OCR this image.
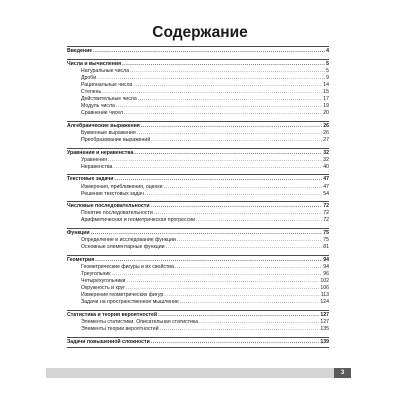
Содержание
Введение .....	4
Числа и вычисления .....	5
Натуральные числа .....	5
Дроби .....	9
Рациональные числа .....	14
Степень .....	15
Действительные числа .....	17
Модуль числа .....	19
Сравнение чисел .....	20
Алгебраические выражения .....	26
Буквенные выражения .....	26
Преобразование выражений .....	27
Уравнения и неравенства .....	32
Уравнения .....	32
Неравенства .....	40
Текстовые задачи .....	47
Измерения, приближения, оценки .....	47
Решение текстовых задач .....	54
Числовые последовательности .....	72
Понятие последовательности .....	72
Арифметическая и геометрическая прогрессии .....	72
Функции .....	75
Определение и исследование функции .....	75
Основные элементарные функции .....	81
Геометрия .....	94
Геометрические фигуры и их свойства .....	94
Треугольник .....	96
Четырёхугольники .....	102
Окружность и круг .....	106
Измерение геометрических фигур .....	113
Задачи на пространственное мышление .....	124
Статистика и теория вероятностей .....	127
Элементы статистики. Описательная статистика .....	127
Элементы теории вероятностей .....	135
Задачи повышенной сложности .....	139
3
